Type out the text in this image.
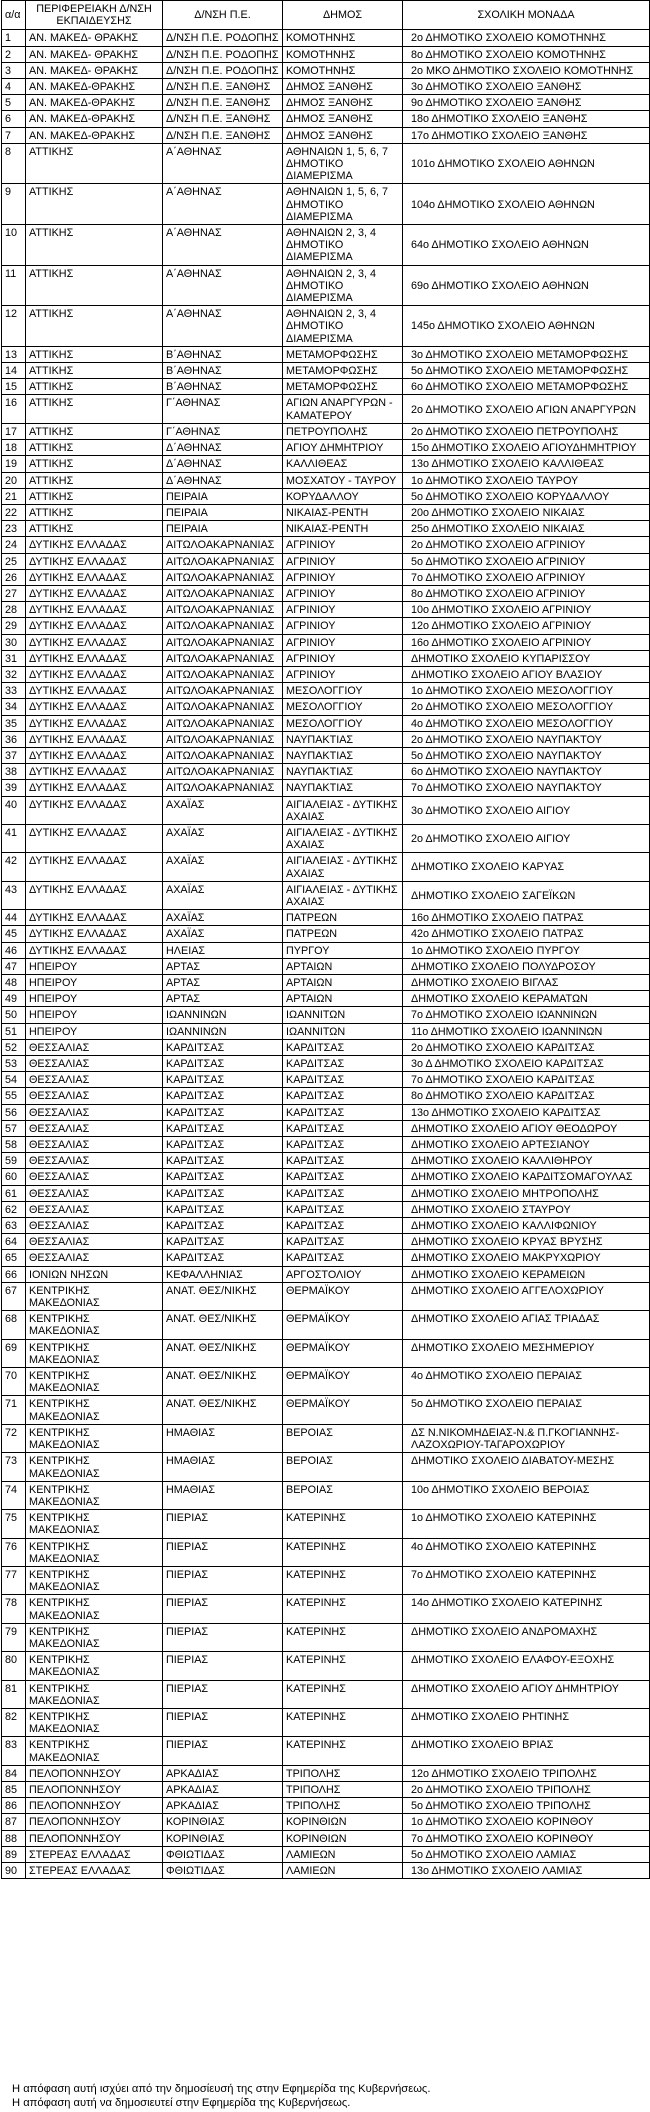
α/α	ΠΕΡΙΦΕΡΕΙΑΚΗ Δ/ΝΣΗ ΕΚΠΑΙΔΕΥΣΗΣ	Δ/ΝΣΗ Π.Ε.	ΔΗΜΟΣ	ΣΧΟΛΙΚΗ ΜΟΝΑΔΑ
1	ΑΝ. ΜΑΚΕΔ- ΘΡΑΚΗΣ	Δ/ΝΣΗ Π.Ε. ΡΟΔΟΠΗΣ	ΚΟΜΟΤΗΝΗΣ	2ο ΔΗΜΟΤΙΚΟ ΣΧΟΛΕΙΟ ΚΟΜΟΤΗΝΗΣ
2	ΑΝ. ΜΑΚΕΔ- ΘΡΑΚΗΣ	Δ/ΝΣΗ Π.Ε. ΡΟΔΟΠΗΣ	ΚΟΜΟΤΗΝΗΣ	8ο ΔΗΜΟΤΙΚΟ ΣΧΟΛΕΙΟ ΚΟΜΟΤΗΝΗΣ
3	ΑΝ. ΜΑΚΕΔ- ΘΡΑΚΗΣ	Δ/ΝΣΗ Π.Ε. ΡΟΔΟΠΗΣ	ΚΟΜΟΤΗΝΗΣ	2ο ΜΚΟ ΔΗΜΟΤΙΚΟ ΣΧΟΛΕΙΟ ΚΟΜΟΤΗΝΗΣ
4	ΑΝ. ΜΑΚΕΔ-ΘΡΑΚΗΣ	Δ/ΝΣΗ Π.Ε. ΞΑΝΘΗΣ	ΔΗΜΟΣ ΞΑΝΘΗΣ	3ο ΔΗΜΟΤΙΚΟ ΣΧΟΛΕΙΟ ΞΑΝΘΗΣ
5	ΑΝ. ΜΑΚΕΔ-ΘΡΑΚΗΣ	Δ/ΝΣΗ Π.Ε. ΞΑΝΘΗΣ	ΔΗΜΟΣ ΞΑΝΘΗΣ	9ο ΔΗΜΟΤΙΚΟ ΣΧΟΛΕΙΟ ΞΑΝΘΗΣ
6	ΑΝ. ΜΑΚΕΔ-ΘΡΑΚΗΣ	Δ/ΝΣΗ Π.Ε. ΞΑΝΘΗΣ	ΔΗΜΟΣ ΞΑΝΘΗΣ	18ο ΔΗΜΟΤΙΚΟ ΣΧΟΛΕΙΟ ΞΑΝΘΗΣ
7	ΑΝ. ΜΑΚΕΔ-ΘΡΑΚΗΣ	Δ/ΝΣΗ Π.Ε. ΞΑΝΘΗΣ	ΔΗΜΟΣ ΞΑΝΘΗΣ	17ο ΔΗΜΟΤΙΚΟ ΣΧΟΛΕΙΟ ΞΑΝΘΗΣ
8	ΑΤΤΙΚΗΣ	Α΄ΑΘΗΝΑΣ	ΑΘΗΝΑΙΩΝ 1, 5, 6, 7 ΔΗΜΟΤΙΚΟ ΔΙΑΜΕΡΙΣΜΑ	101ο ΔΗΜΟΤΙΚΟ ΣΧΟΛΕΙΟ ΑΘΗΝΩΝ
9	ΑΤΤΙΚΗΣ	Α΄ΑΘΗΝΑΣ	ΑΘΗΝΑΙΩΝ 1, 5, 6, 7 ΔΗΜΟΤΙΚΟ ΔΙΑΜΕΡΙΣΜΑ	104ο ΔΗΜΟΤΙΚΟ ΣΧΟΛΕΙΟ ΑΘΗΝΩΝ
10	ΑΤΤΙΚΗΣ	Α΄ΑΘΗΝΑΣ	ΑΘΗΝΑΙΩΝ 2, 3, 4 ΔΗΜΟΤΙΚΟ ΔΙΑΜΕΡΙΣΜΑ	64ο ΔΗΜΟΤΙΚΟ ΣΧΟΛΕΙΟ ΑΘΗΝΩΝ
11	ΑΤΤΙΚΗΣ	Α΄ΑΘΗΝΑΣ	ΑΘΗΝΑΙΩΝ 2, 3, 4 ΔΗΜΟΤΙΚΟ ΔΙΑΜΕΡΙΣΜΑ	69ο ΔΗΜΟΤΙΚΟ ΣΧΟΛΕΙΟ ΑΘΗΝΩΝ
12	ΑΤΤΙΚΗΣ	Α΄ΑΘΗΝΑΣ	ΑΘΗΝΑΙΩΝ 2, 3, 4 ΔΗΜΟΤΙΚΟ ΔΙΑΜΕΡΙΣΜΑ	145ο ΔΗΜΟΤΙΚΟ ΣΧΟΛΕΙΟ ΑΘΗΝΩΝ
13	ΑΤΤΙΚΗΣ	Β΄ΑΘΗΝΑΣ	ΜΕΤΑΜΟΡΦΩΣΗΣ	3ο ΔΗΜΟΤΙΚΟ ΣΧΟΛΕΙΟ ΜΕΤΑΜΟΡΦΩΣΗΣ
14	ΑΤΤΙΚΗΣ	Β΄ΑΘΗΝΑΣ	ΜΕΤΑΜΟΡΦΩΣΗΣ	5ο ΔΗΜΟΤΙΚΟ ΣΧΟΛΕΙΟ ΜΕΤΑΜΟΡΦΩΣΗΣ
15	ΑΤΤΙΚΗΣ	Β΄ΑΘΗΝΑΣ	ΜΕΤΑΜΟΡΦΩΣΗΣ	6ο ΔΗΜΟΤΙΚΟ ΣΧΟΛΕΙΟ ΜΕΤΑΜΟΡΦΩΣΗΣ
16	ΑΤΤΙΚΗΣ	Γ΄ΑΘΗΝΑΣ	ΑΓΙΩΝ ΑΝΑΡΓΥΡΩΝ - ΚΑΜΑΤΕΡΟΥ	2ο ΔΗΜΟΤΙΚΟ ΣΧΟΛΕΙΟ ΑΓΙΩΝ ΑΝΑΡΓΥΡΩΝ
17	ΑΤΤΙΚΗΣ	Γ΄ΑΘΗΝΑΣ	ΠΕΤΡΟΥΠΟΛΗΣ	2ο ΔΗΜΟΤΙΚΟ ΣΧΟΛΕΙΟ ΠΕΤΡΟΥΠΟΛΗΣ
18	ΑΤΤΙΚΗΣ	Δ΄ΑΘΗΝΑΣ	ΑΓΙΟΥ ΔΗΜΗΤΡΙΟΥ	15ο ΔΗΜΟΤΙΚΟ ΣΧΟΛΕΙΟ ΑΓΙΟΥΔΗΜΗΤΡΙΟΥ
19	ΑΤΤΙΚΗΣ	Δ΄ΑΘΗΝΑΣ	ΚΑΛΛΙΘΕΑΣ	13ο ΔΗΜΟΤΙΚΟ ΣΧΟΛΕΙΟ ΚΑΛΛΙΘΕΑΣ
20	ΑΤΤΙΚΗΣ	Δ΄ΑΘΗΝΑΣ	ΜΟΣΧΑΤΟΥ - ΤΑΥΡΟΥ	1ο ΔΗΜΟΤΙΚΟ ΣΧΟΛΕΙΟ ΤΑΥΡΟΥ
21	ΑΤΤΙΚΗΣ	ΠΕΙΡΑΙΑ	ΚΟΡΥΔΑΛΛΟΥ	5ο ΔΗΜΟΤΙΚΟ ΣΧΟΛΕΙΟ ΚΟΡΥΔΑΛΛΟΥ
22	ΑΤΤΙΚΗΣ	ΠΕΙΡΑΙΑ	ΝΙΚΑΙΑΣ-ΡΕΝΤΗ	20ο ΔΗΜΟΤΙΚΟ ΣΧΟΛΕΙΟ ΝΙΚΑΙΑΣ
23	ΑΤΤΙΚΗΣ	ΠΕΙΡΑΙΑ	ΝΙΚΑΙΑΣ-ΡΕΝΤΗ	25ο ΔΗΜΟΤΙΚΟ ΣΧΟΛΕΙΟ ΝΙΚΑΙΑΣ
24	ΔΥΤΙΚΗΣ ΕΛΛΑΔΑΣ	ΑΙΤΩΛΟΑΚΑΡΝΑΝΙΑΣ	ΑΓΡΙΝΙΟΥ	2ο ΔΗΜΟΤΙΚΟ ΣΧΟΛΕΙΟ ΑΓΡΙΝΙΟΥ
25	ΔΥΤΙΚΗΣ ΕΛΛΑΔΑΣ	ΑΙΤΩΛΟΑΚΑΡΝΑΝΙΑΣ	ΑΓΡΙΝΙΟΥ	5ο ΔΗΜΟΤΙΚΟ ΣΧΟΛΕΙΟ ΑΓΡΙΝΙΟΥ
26	ΔΥΤΙΚΗΣ ΕΛΛΑΔΑΣ	ΑΙΤΩΛΟΑΚΑΡΝΑΝΙΑΣ	ΑΓΡΙΝΙΟΥ	7ο ΔΗΜΟΤΙΚΟ ΣΧΟΛΕΙΟ ΑΓΡΙΝΙΟΥ
27	ΔΥΤΙΚΗΣ ΕΛΛΑΔΑΣ	ΑΙΤΩΛΟΑΚΑΡΝΑΝΙΑΣ	ΑΓΡΙΝΙΟΥ	8ο ΔΗΜΟΤΙΚΟ ΣΧΟΛΕΙΟ ΑΓΡΙΝΙΟΥ
28	ΔΥΤΙΚΗΣ ΕΛΛΑΔΑΣ	ΑΙΤΩΛΟΑΚΑΡΝΑΝΙΑΣ	ΑΓΡΙΝΙΟΥ	10ο ΔΗΜΟΤΙΚΟ ΣΧΟΛΕΙΟ ΑΓΡΙΝΙΟΥ
29	ΔΥΤΙΚΗΣ ΕΛΛΑΔΑΣ	ΑΙΤΩΛΟΑΚΑΡΝΑΝΙΑΣ	ΑΓΡΙΝΙΟΥ	12ο ΔΗΜΟΤΙΚΟ ΣΧΟΛΕΙΟ ΑΓΡΙΝΙΟΥ
30	ΔΥΤΙΚΗΣ ΕΛΛΑΔΑΣ	ΑΙΤΩΛΟΑΚΑΡΝΑΝΙΑΣ	ΑΓΡΙΝΙΟΥ	16ο ΔΗΜΟΤΙΚΟ ΣΧΟΛΕΙΟ ΑΓΡΙΝΙΟΥ
31	ΔΥΤΙΚΗΣ ΕΛΛΑΔΑΣ	ΑΙΤΩΛΟΑΚΑΡΝΑΝΙΑΣ	ΑΓΡΙΝΙΟΥ	ΔΗΜΟΤΙΚΟ ΣΧΟΛΕΙΟ ΚΥΠΑΡΙΣΣΟΥ
32	ΔΥΤΙΚΗΣ ΕΛΛΑΔΑΣ	ΑΙΤΩΛΟΑΚΑΡΝΑΝΙΑΣ	ΑΓΡΙΝΙΟΥ	ΔΗΜΟΤΙΚΟ ΣΧΟΛΕΙΟ ΑΓΙΟΥ ΒΛΑΣΙΟΥ
33	ΔΥΤΙΚΗΣ ΕΛΛΑΔΑΣ	ΑΙΤΩΛΟΑΚΑΡΝΑΝΙΑΣ	ΜΕΣΟΛΟΓΓΙΟΥ	1ο ΔΗΜΟΤΙΚΟ ΣΧΟΛΕΙΟ ΜΕΣΟΛΟΓΓΙΟΥ
34	ΔΥΤΙΚΗΣ ΕΛΛΑΔΑΣ	ΑΙΤΩΛΟΑΚΑΡΝΑΝΙΑΣ	ΜΕΣΟΛΟΓΓΙΟΥ	2ο ΔΗΜΟΤΙΚΟ ΣΧΟΛΕΙΟ ΜΕΣΟΛΟΓΓΙΟΥ
35	ΔΥΤΙΚΗΣ ΕΛΛΑΔΑΣ	ΑΙΤΩΛΟΑΚΑΡΝΑΝΙΑΣ	ΜΕΣΟΛΟΓΓΙΟΥ	4ο ΔΗΜΟΤΙΚΟ ΣΧΟΛΕΙΟ ΜΕΣΟΛΟΓΓΙΟΥ
36	ΔΥΤΙΚΗΣ ΕΛΛΑΔΑΣ	ΑΙΤΩΛΟΑΚΑΡΝΑΝΙΑΣ	ΝΑΥΠΑΚΤΙΑΣ	2ο ΔΗΜΟΤΙΚΟ ΣΧΟΛΕΙΟ ΝΑΥΠΑΚΤΟΥ
37	ΔΥΤΙΚΗΣ ΕΛΛΑΔΑΣ	ΑΙΤΩΛΟΑΚΑΡΝΑΝΙΑΣ	ΝΑΥΠΑΚΤΙΑΣ	5ο ΔΗΜΟΤΙΚΟ ΣΧΟΛΕΙΟ ΝΑΥΠΑΚΤΟΥ
38	ΔΥΤΙΚΗΣ ΕΛΛΑΔΑΣ	ΑΙΤΩΛΟΑΚΑΡΝΑΝΙΑΣ	ΝΑΥΠΑΚΤΙΑΣ	6ο ΔΗΜΟΤΙΚΟ ΣΧΟΛΕΙΟ ΝΑΥΠΑΚΤΟΥ
39	ΔΥΤΙΚΗΣ ΕΛΛΑΔΑΣ	ΑΙΤΩΛΟΑΚΑΡΝΑΝΙΑΣ	ΝΑΥΠΑΚΤΙΑΣ	7ο ΔΗΜΟΤΙΚΟ ΣΧΟΛΕΙΟ ΝΑΥΠΑΚΤΟΥ
40	ΔΥΤΙΚΗΣ ΕΛΛΑΔΑΣ	ΑΧΑΪΑΣ	ΑΙΓΙΑΛΕΙΑΣ - ΔΥΤΙΚΗΣ ΑΧΑΙΑΣ	3ο ΔΗΜΟΤΙΚΟ ΣΧΟΛΕΙΟ ΑΙΓΙΟΥ
41	ΔΥΤΙΚΗΣ ΕΛΛΑΔΑΣ	ΑΧΑΪΑΣ	ΑΙΓΙΑΛΕΙΑΣ - ΔΥΤΙΚΗΣ ΑΧΑΙΑΣ	2ο ΔΗΜΟΤΙΚΟ ΣΧΟΛΕΙΟ ΑΙΓΙΟΥ
42	ΔΥΤΙΚΗΣ ΕΛΛΑΔΑΣ	ΑΧΑΪΑΣ	ΑΙΓΙΑΛΕΙΑΣ - ΔΥΤΙΚΗΣ ΑΧΑΙΑΣ	ΔΗΜΟΤΙΚΟ ΣΧΟΛΕΙΟ ΚΑΡΥΑΣ
43	ΔΥΤΙΚΗΣ ΕΛΛΑΔΑΣ	ΑΧΑΪΑΣ	ΑΙΓΙΑΛΕΙΑΣ - ΔΥΤΙΚΗΣ ΑΧΑΙΑΣ	ΔΗΜΟΤΙΚΟ ΣΧΟΛΕΙΟ ΣΑΓΕΪΚΩΝ
44	ΔΥΤΙΚΗΣ ΕΛΛΑΔΑΣ	ΑΧΑΪΑΣ	ΠΑΤΡΕΩΝ	16ο ΔΗΜΟΤΙΚΟ ΣΧΟΛΕΙΟ ΠΑΤΡΑΣ
45	ΔΥΤΙΚΗΣ ΕΛΛΑΔΑΣ	ΑΧΑΪΑΣ	ΠΑΤΡΕΩΝ	42ο ΔΗΜΟΤΙΚΟ ΣΧΟΛΕΙΟ ΠΑΤΡΑΣ
46	ΔΥΤΙΚΗΣ ΕΛΛΑΔΑΣ	ΗΛΕΙΑΣ	ΠΥΡΓΟΥ	1ο ΔΗΜΟΤΙΚΟ ΣΧΟΛΕΙΟ ΠΥΡΓΟΥ
47	ΗΠΕΙΡΟΥ	ΑΡΤΑΣ	ΑΡΤΑΙΩΝ	ΔΗΜΟΤΙΚΟ ΣΧΟΛΕΙΟ ΠΟΛΥΔΡΟΣΟΥ
48	ΗΠΕΙΡΟΥ	ΑΡΤΑΣ	ΑΡΤΑΙΩΝ	ΔΗΜΟΤΙΚΟ ΣΧΟΛΕΙΟ ΒΙΓΛΑΣ
49	ΗΠΕΙΡΟΥ	ΑΡΤΑΣ	ΑΡΤΑΙΩΝ	ΔΗΜΟΤΙΚΟ ΣΧΟΛΕΙΟ ΚΕΡΑΜΑΤΩΝ
50	ΗΠΕΙΡΟΥ	ΙΩΑΝΝΙΝΩΝ	ΙΩΑΝΝΙΤΩΝ	7ο ΔΗΜΟΤΙΚΟ ΣΧΟΛΕΙΟ ΙΩΑΝΝΙΝΩΝ
51	ΗΠΕΙΡΟΥ	ΙΩΑΝΝΙΝΩΝ	ΙΩΑΝΝΙΤΩΝ	11ο ΔΗΜΟΤΙΚΟ ΣΧΟΛΕΙΟ ΙΩΑΝΝΙΝΩΝ
52	ΘΕΣΣΑΛΙΑΣ	ΚΑΡΔΙΤΣΑΣ	ΚΑΡΔΙΤΣΑΣ	2ο ΔΗΜΟΤΙΚΟ ΣΧΟΛΕΙΟ ΚΑΡΔΙΤΣΑΣ
53	ΘΕΣΣΑΛΙΑΣ	ΚΑΡΔΙΤΣΑΣ	ΚΑΡΔΙΤΣΑΣ	3ο Δ ΔΗΜΟΤΙΚΟ ΣΧΟΛΕΙΟ ΚΑΡΔΙΤΣΑΣ
54	ΘΕΣΣΑΛΙΑΣ	ΚΑΡΔΙΤΣΑΣ	ΚΑΡΔΙΤΣΑΣ	7ο ΔΗΜΟΤΙΚΟ ΣΧΟΛΕΙΟ ΚΑΡΔΙΤΣΑΣ
55	ΘΕΣΣΑΛΙΑΣ	ΚΑΡΔΙΤΣΑΣ	ΚΑΡΔΙΤΣΑΣ	8ο ΔΗΜΟΤΙΚΟ ΣΧΟΛΕΙΟ ΚΑΡΔΙΤΣΑΣ
56	ΘΕΣΣΑΛΙΑΣ	ΚΑΡΔΙΤΣΑΣ	ΚΑΡΔΙΤΣΑΣ	13ο ΔΗΜΟΤΙΚΟ ΣΧΟΛΕΙΟ ΚΑΡΔΙΤΣΑΣ
57	ΘΕΣΣΑΛΙΑΣ	ΚΑΡΔΙΤΣΑΣ	ΚΑΡΔΙΤΣΑΣ	ΔΗΜΟΤΙΚΟ ΣΧΟΛΕΙΟ ΑΓΙΟΥ ΘΕΟΔΩΡΟΥ
58	ΘΕΣΣΑΛΙΑΣ	ΚΑΡΔΙΤΣΑΣ	ΚΑΡΔΙΤΣΑΣ	ΔΗΜΟΤΙΚΟ ΣΧΟΛΕΙΟ ΑΡΤΕΣΙΑΝΟΥ
59	ΘΕΣΣΑΛΙΑΣ	ΚΑΡΔΙΤΣΑΣ	ΚΑΡΔΙΤΣΑΣ	ΔΗΜΟΤΙΚΟ ΣΧΟΛΕΙΟ ΚΑΛΛΙΘΗΡΟΥ
60	ΘΕΣΣΑΛΙΑΣ	ΚΑΡΔΙΤΣΑΣ	ΚΑΡΔΙΤΣΑΣ	ΔΗΜΟΤΙΚΟ ΣΧΟΛΕΙΟ ΚΑΡΔΙΤΣΟΜΑΓΟΥΛΑΣ
61	ΘΕΣΣΑΛΙΑΣ	ΚΑΡΔΙΤΣΑΣ	ΚΑΡΔΙΤΣΑΣ	ΔΗΜΟΤΙΚΟ ΣΧΟΛΕΙΟ ΜΗΤΡΟΠΟΛΗΣ
62	ΘΕΣΣΑΛΙΑΣ	ΚΑΡΔΙΤΣΑΣ	ΚΑΡΔΙΤΣΑΣ	ΔΗΜΟΤΙΚΟ ΣΧΟΛΕΙΟ ΣΤΑΥΡΟΥ
63	ΘΕΣΣΑΛΙΑΣ	ΚΑΡΔΙΤΣΑΣ	ΚΑΡΔΙΤΣΑΣ	ΔΗΜΟΤΙΚΟ ΣΧΟΛΕΙΟ ΚΑΛΛΙΦΩΝΙΟΥ
64	ΘΕΣΣΑΛΙΑΣ	ΚΑΡΔΙΤΣΑΣ	ΚΑΡΔΙΤΣΑΣ	ΔΗΜΟΤΙΚΟ ΣΧΟΛΕΙΟ ΚΡΥΑΣ ΒΡΥΣΗΣ
65	ΘΕΣΣΑΛΙΑΣ	ΚΑΡΔΙΤΣΑΣ	ΚΑΡΔΙΤΣΑΣ	ΔΗΜΟΤΙΚΟ ΣΧΟΛΕΙΟ ΜΑΚΡΥΧΩΡΙΟΥ
66	ΙΟΝΙΩΝ ΝΗΣΩΝ	ΚΕΦΑΛΛΗΝΙΑΣ	ΑΡΓΟΣΤΟΛΙΟΥ	ΔΗΜΟΤΙΚΟ ΣΧΟΛΕΙΟ ΚΕΡΑΜΕΙΩΝ
67	ΚΕΝΤΡΙΚΗΣ ΜΑΚΕΔΟΝΙΑΣ	ΑΝΑΤ. ΘΕΣ/ΝΙΚΗΣ	ΘΕΡΜΑΪΚΟΥ	ΔΗΜΟΤΙΚΟ ΣΧΟΛΕΙΟ ΑΓΓΕΛΟΧΩΡΙΟΥ
68	ΚΕΝΤΡΙΚΗΣ ΜΑΚΕΔΟΝΙΑΣ	ΑΝΑΤ. ΘΕΣ/ΝΙΚΗΣ	ΘΕΡΜΑΪΚΟΥ	ΔΗΜΟΤΙΚΟ ΣΧΟΛΕΙΟ ΑΓΙΑΣ ΤΡΙΑΔΑΣ
69	ΚΕΝΤΡΙΚΗΣ ΜΑΚΕΔΟΝΙΑΣ	ΑΝΑΤ. ΘΕΣ/ΝΙΚΗΣ	ΘΕΡΜΑΪΚΟΥ	ΔΗΜΟΤΙΚΟ ΣΧΟΛΕΙΟ ΜΕΣΗΜΕΡΙΟΥ
70	ΚΕΝΤΡΙΚΗΣ ΜΑΚΕΔΟΝΙΑΣ	ΑΝΑΤ. ΘΕΣ/ΝΙΚΗΣ	ΘΕΡΜΑΪΚΟΥ	4ο ΔΗΜΟΤΙΚΟ ΣΧΟΛΕΙΟ ΠΕΡΑΙΑΣ
71	ΚΕΝΤΡΙΚΗΣ ΜΑΚΕΔΟΝΙΑΣ	ΑΝΑΤ. ΘΕΣ/ΝΙΚΗΣ	ΘΕΡΜΑΪΚΟΥ	5ο ΔΗΜΟΤΙΚΟ ΣΧΟΛΕΙΟ ΠΕΡΑΙΑΣ
72	ΚΕΝΤΡΙΚΗΣ ΜΑΚΕΔΟΝΙΑΣ	ΗΜΑΘΙΑΣ	ΒΕΡΟΙΑΣ	ΔΣ Ν.ΝΙΚΟΜΗΔΕΙΑΣ-Ν.& Π.ΓΚΟΓΙΑΝΝΗΣ-ΛΑΖΟΧΩΡΙΟΥ-ΤΑΓΑΡΟΧΩΡΙΟΥ
73	ΚΕΝΤΡΙΚΗΣ ΜΑΚΕΔΟΝΙΑΣ	ΗΜΑΘΙΑΣ	ΒΕΡΟΙΑΣ	ΔΗΜΟΤΙΚΟ ΣΧΟΛΕΙΟ ΔΙΑΒΑΤΟΥ-ΜΕΣΗΣ
74	ΚΕΝΤΡΙΚΗΣ ΜΑΚΕΔΟΝΙΑΣ	ΗΜΑΘΙΑΣ	ΒΕΡΟΙΑΣ	10ο ΔΗΜΟΤΙΚΟ ΣΧΟΛΕΙΟ ΒΕΡΟΙΑΣ
75	ΚΕΝΤΡΙΚΗΣ ΜΑΚΕΔΟΝΙΑΣ	ΠΙΕΡΙΑΣ	ΚΑΤΕΡΙΝΗΣ	1ο ΔΗΜΟΤΙΚΟ ΣΧΟΛΕΙΟ ΚΑΤΕΡΙΝΗΣ
76	ΚΕΝΤΡΙΚΗΣ ΜΑΚΕΔΟΝΙΑΣ	ΠΙΕΡΙΑΣ	ΚΑΤΕΡΙΝΗΣ	4ο ΔΗΜΟΤΙΚΟ ΣΧΟΛΕΙΟ ΚΑΤΕΡΙΝΗΣ
77	ΚΕΝΤΡΙΚΗΣ ΜΑΚΕΔΟΝΙΑΣ	ΠΙΕΡΙΑΣ	ΚΑΤΕΡΙΝΗΣ	7ο ΔΗΜΟΤΙΚΟ ΣΧΟΛΕΙΟ ΚΑΤΕΡΙΝΗΣ
78	ΚΕΝΤΡΙΚΗΣ ΜΑΚΕΔΟΝΙΑΣ	ΠΙΕΡΙΑΣ	ΚΑΤΕΡΙΝΗΣ	14ο ΔΗΜΟΤΙΚΟ ΣΧΟΛΕΙΟ ΚΑΤΕΡΙΝΗΣ
79	ΚΕΝΤΡΙΚΗΣ ΜΑΚΕΔΟΝΙΑΣ	ΠΙΕΡΙΑΣ	ΚΑΤΕΡΙΝΗΣ	ΔΗΜΟΤΙΚΟ ΣΧΟΛΕΙΟ ΑΝΔΡΟΜΑΧΗΣ
80	ΚΕΝΤΡΙΚΗΣ ΜΑΚΕΔΟΝΙΑΣ	ΠΙΕΡΙΑΣ	ΚΑΤΕΡΙΝΗΣ	ΔΗΜΟΤΙΚΟ ΣΧΟΛΕΙΟ ΕΛΑΦΟΥ-ΕΞΟΧΗΣ
81	ΚΕΝΤΡΙΚΗΣ ΜΑΚΕΔΟΝΙΑΣ	ΠΙΕΡΙΑΣ	ΚΑΤΕΡΙΝΗΣ	ΔΗΜΟΤΙΚΟ ΣΧΟΛΕΙΟ ΑΓΙΟΥ ΔΗΜΗΤΡΙΟΥ
82	ΚΕΝΤΡΙΚΗΣ ΜΑΚΕΔΟΝΙΑΣ	ΠΙΕΡΙΑΣ	ΚΑΤΕΡΙΝΗΣ	ΔΗΜΟΤΙΚΟ ΣΧΟΛΕΙΟ ΡΗΤΙΝΗΣ
83	ΚΕΝΤΡΙΚΗΣ ΜΑΚΕΔΟΝΙΑΣ	ΠΙΕΡΙΑΣ	ΚΑΤΕΡΙΝΗΣ	ΔΗΜΟΤΙΚΟ ΣΧΟΛΕΙΟ ΒΡΙΑΣ
84	ΠΕΛΟΠΟΝΝΗΣΟΥ	ΑΡΚΑΔΙΑΣ	ΤΡΙΠΟΛΗΣ	12ο ΔΗΜΟΤΙΚΟ ΣΧΟΛΕΙΟ ΤΡΙΠΟΛΗΣ
85	ΠΕΛΟΠΟΝΝΗΣΟΥ	ΑΡΚΑΔΙΑΣ	ΤΡΙΠΟΛΗΣ	2ο ΔΗΜΟΤΙΚΟ ΣΧΟΛΕΙΟ ΤΡΙΠΟΛΗΣ
86	ΠΕΛΟΠΟΝΝΗΣΟΥ	ΑΡΚΑΔΙΑΣ	ΤΡΙΠΟΛΗΣ	5ο ΔΗΜΟΤΙΚΟ ΣΧΟΛΕΙΟ ΤΡΙΠΟΛΗΣ
87	ΠΕΛΟΠΟΝΝΗΣΟΥ	ΚΟΡΙΝΘΙΑΣ	ΚΟΡΙΝΘΙΩΝ	1ο ΔΗΜΟΤΙΚΟ ΣΧΟΛΕΙΟ ΚΟΡΙΝΘΟΥ
88	ΠΕΛΟΠΟΝΝΗΣΟΥ	ΚΟΡΙΝΘΙΑΣ	ΚΟΡΙΝΘΙΩΝ	7ο ΔΗΜΟΤΙΚΟ ΣΧΟΛΕΙΟ ΚΟΡΙΝΘΟΥ
89	ΣΤΕΡΕΑΣ ΕΛΛΑΔΑΣ	ΦΘΙΩΤΙΔΑΣ	ΛΑΜΙΕΩΝ	5ο ΔΗΜΟΤΙΚΟ ΣΧΟΛΕΙΟ ΛΑΜΙΑΣ
90	ΣΤΕΡΕΑΣ ΕΛΛΑΔΑΣ	ΦΘΙΩΤΙΔΑΣ	ΛΑΜΙΕΩΝ	13ο ΔΗΜΟΤΙΚΟ ΣΧΟΛΕΙΟ ΛΑΜΙΑΣ
Η απόφαση αυτή ισχύει από την δημοσίευσή της στην Εφημερίδα της Κυβερνήσεως.
Η απόφαση αυτή να δημοσιευτεί στην Εφημερίδα της Κυβερνήσεως.
